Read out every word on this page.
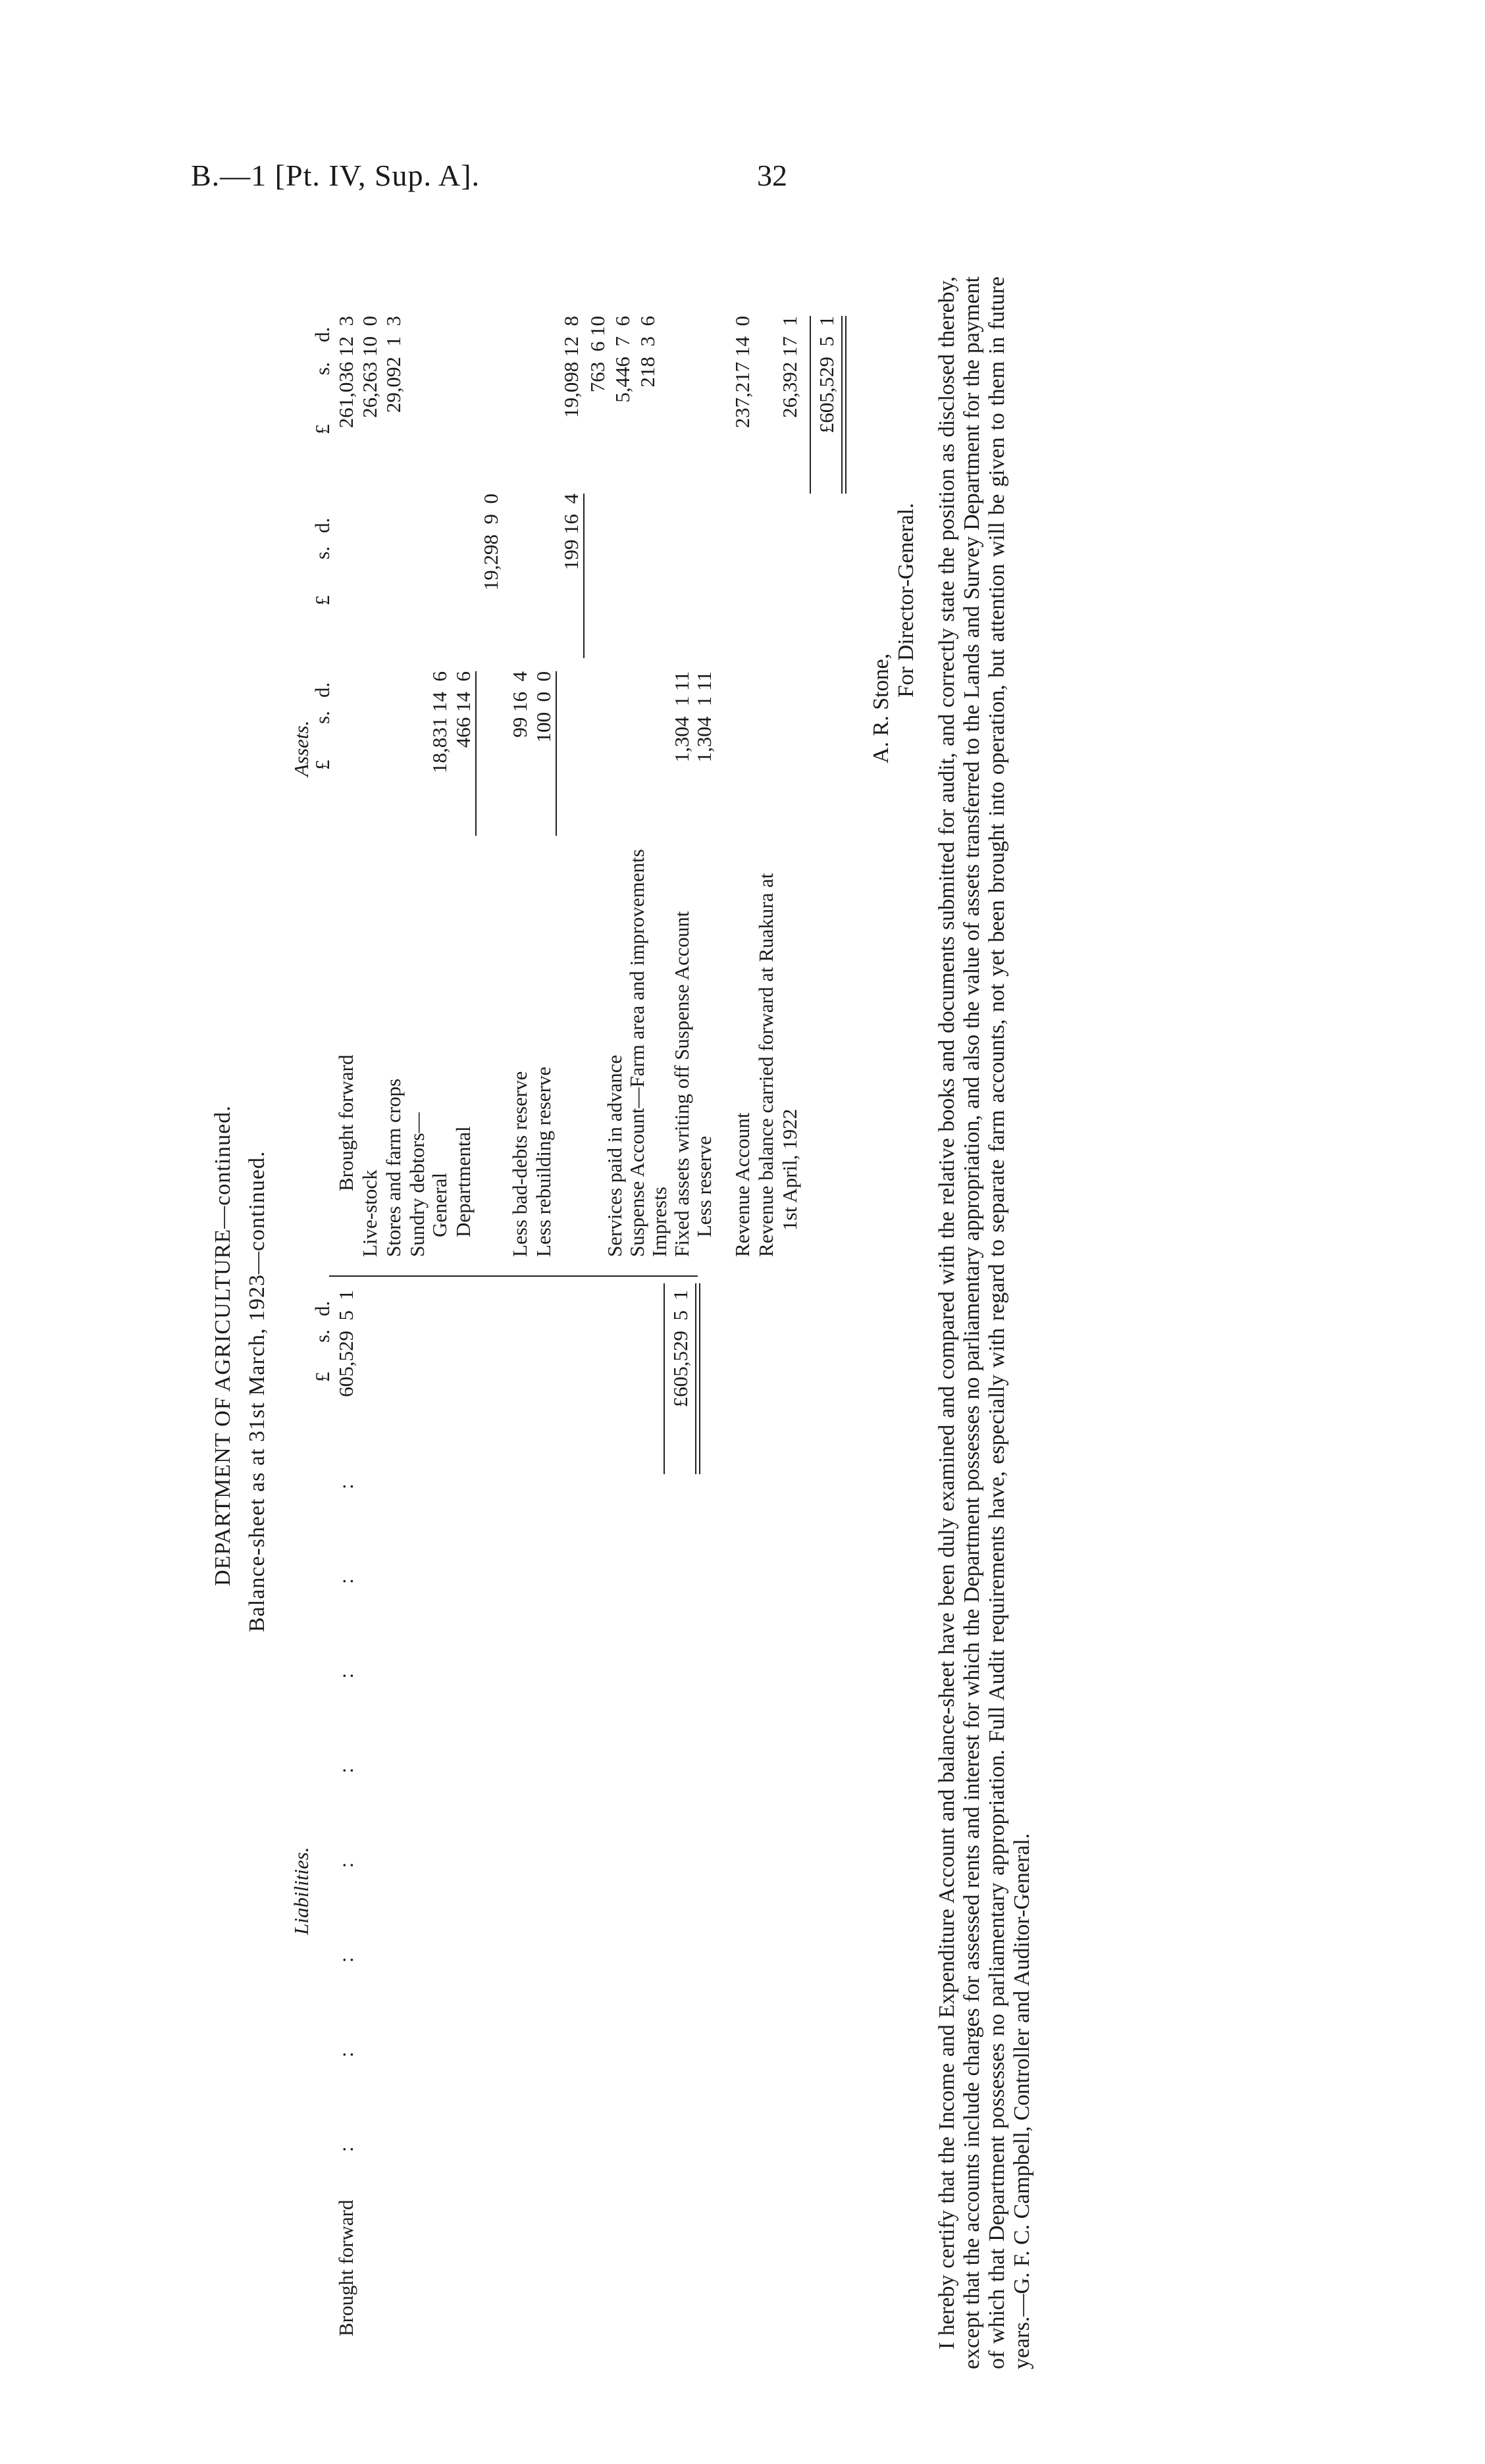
B.—1 [Pt. IV, Sup. A].	32
DEPARTMENT OF AGRICULTURE—continued. Balance-sheet as at 31st March, 1923—continued.
Liabilities.
£
s.
d.
Brought forward
:   :   :   :   :   :   :   :
605,529  5  1	£605,529  5  1
Assets.
£
s.
d.
£
s.
d.
£
s.
d.
Brought forward
261,036 12  3
Live-stock
26,263 10  0
Stores and farm crops
29,092  1  3
Sundry debtors— General
18,831 14  6
Departmental
466 14  6
19,298  9  0
Less bad-debts reserve
99 16  4
Less rebuilding reserve
100  0  0
199 16  4
19,098 12  8
Services paid in advance
763  6 10
Suspense Account—Farm area and improvements
5,446  7  6
Imprests
218  3  6
Fixed assets writing off Suspense Account
1,304  1 11
Less reserve
1,304  1 11
Revenue Account
237,217 14  0
Revenue balance carried forward at Ruakura at 1st April, 1922
26,392 17  1 £605,529  5  1
A. R. Stone,
For Director-General. I hereby certify that the Income and Expenditure Account and balance-sheet have been duly examined and compared with the relative books and documents submitted for audit, and correctly state the position as disclosed thereby, except that the accounts include charges for assessed rents and interest for which the Department possesses no parliamentary appropriation, and also the value of assets transferred to the Lands and Survey Department for the payment of which that Department possesses no parliamentary appropriation. Full Audit requirements have, especially with regard to separate farm accounts, not yet been brought into operation, but attention will be given to them in future years.—G. F. C. Campbell, Controller and Auditor-General.
